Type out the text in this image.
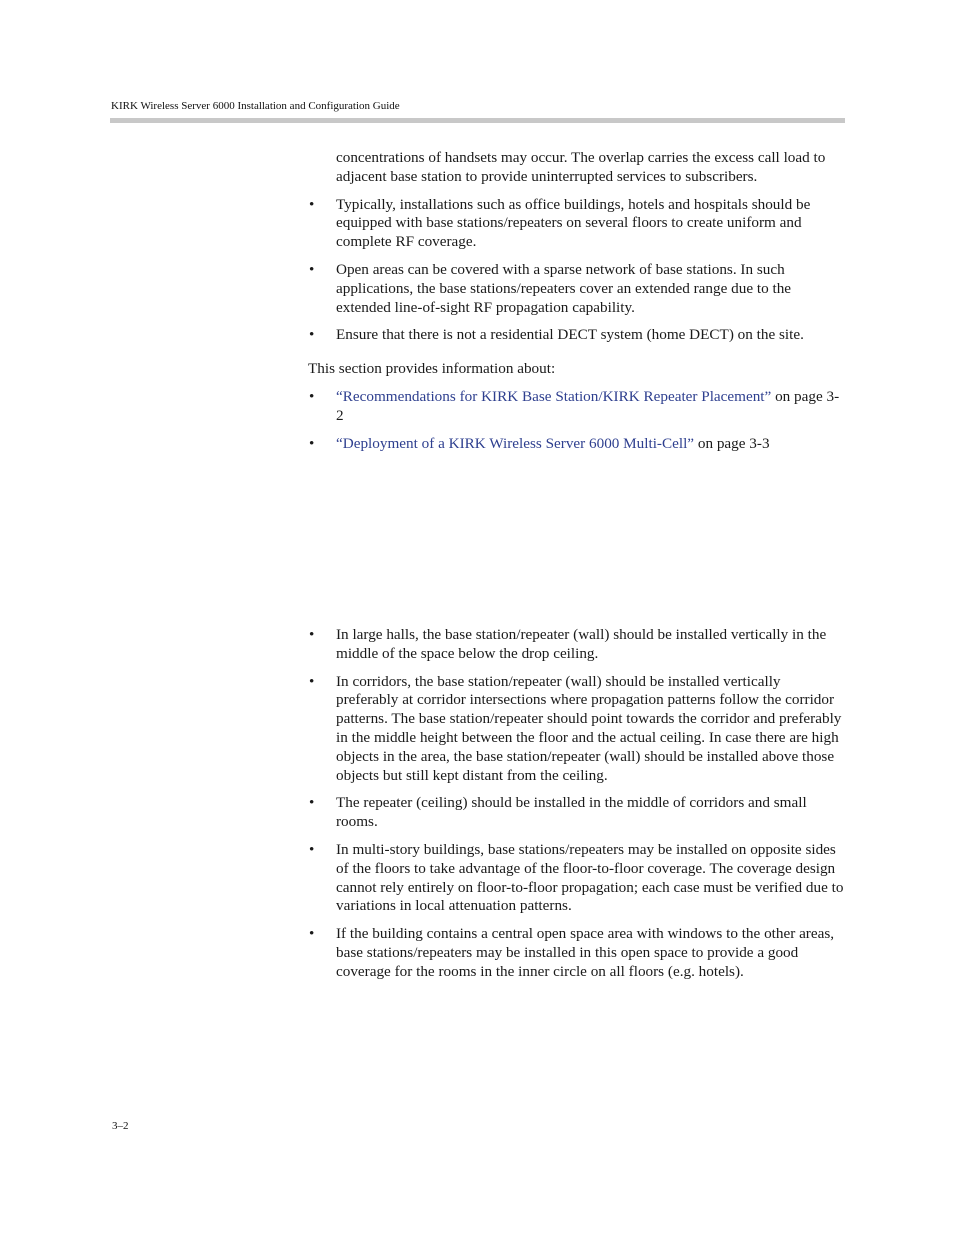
KIRK Wireless Server 6000 Installation and Configuration Guide

concentrations of handsets may occur. The overlap carries the excess call load to adjacent base station to provide uninterrupted services to subscribers.

• Typically, installations such as office buildings, hotels and hospitals should be equipped with base stations/repeaters on several floors to create uniform and complete RF coverage.
• Open areas can be covered with a sparse network of base stations. In such applications, the base stations/repeaters cover an extended range due to the extended line-of-sight RF propagation capability.
• Ensure that there is not a residential DECT system (home DECT) on the site.

This section provides information about:

• “Recommendations for KIRK Base Station/KIRK Repeater Placement” on page 3-2
• “Deployment of a KIRK Wireless Server 6000 Multi-Cell” on page 3-3
• In large halls, the base station/repeater (wall) should be installed vertically in the middle of the space below the drop ceiling.
• In corridors, the base station/repeater (wall) should be installed vertically preferably at corridor intersections where propagation patterns follow the corridor patterns. The base station/repeater should point towards the corridor and preferably in the middle height between the floor and the actual ceiling. In case there are high objects in the area, the base station/repeater (wall) should be installed above those objects but still kept distant from the ceiling.
• The repeater (ceiling) should be installed in the middle of corridors and small rooms.
• In multi-story buildings, base stations/repeaters may be installed on opposite sides of the floors to take advantage of the floor-to-floor coverage. The coverage design cannot rely entirely on floor-to-floor propagation; each case must be verified due to variations in local attenuation patterns.
• If the building contains a central open space area with windows to the other areas, base stations/repeaters may be installed in this open space to provide a good coverage for the rooms in the inner circle on all floors (e.g. hotels).
3–2
